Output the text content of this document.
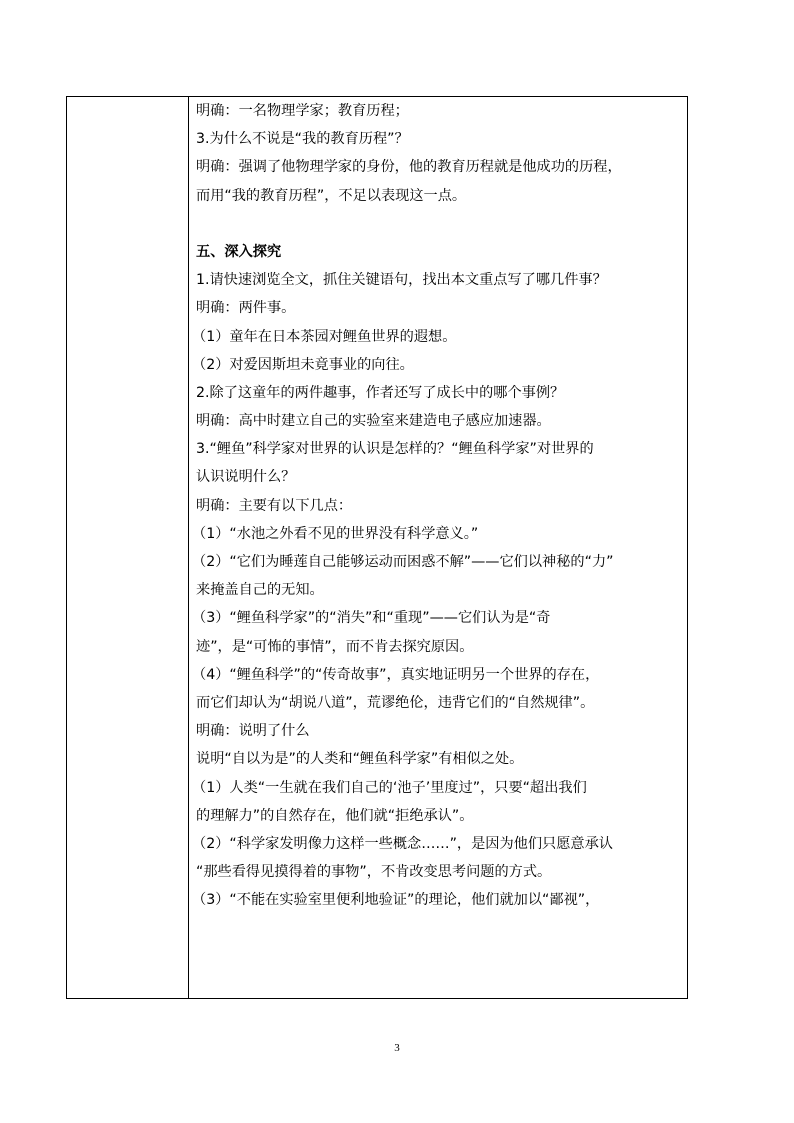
明确：一名物理学家；教育历程；
3.为什么不说是“我的教育历程”？
明确：强调了他物理学家的身份，他的教育历程就是他成功的历程，
而用“我的教育历程”，不足以表现这一点。
五、深入探究
1.请快速浏览全文，抓住关键语句，找出本文重点写了哪几件事？
明确：两件事。
（1）童年在日本茶园对鲤鱼世界的遐想。
（2）对爱因斯坦未竟事业的向往。
2.除了这童年的两件趣事，作者还写了成长中的哪个事例？
明确：高中时建立自己的实验室来建造电子感应加速器。
3.“鲤鱼”科学家对世界的认识是怎样的？“鲤鱼科学家”对世界的
认识说明什么？
明确：主要有以下几点：
（1）“水池之外看不见的世界没有科学意义。”
（2）“它们为睡莲自己能够运动而困惑不解”——它们以神秘的“力”
来掩盖自己的无知。
（3）“鲤鱼科学家”的“消失”和“重现”——它们认为是“奇
迹”，是“可怖的事情”，而不肯去探究原因。
（4）“鲤鱼科学”的“传奇故事”，真实地证明另一个世界的存在，
而它们却认为“胡说八道”，荒谬绝伦，违背它们的“自然规律”。
明确：说明了什么
说明“自以为是”的人类和“鲤鱼科学家”有相似之处。
（1）人类“一生就在我们自己的‘池子’里度过”，只要“超出我们
的理解力”的自然存在，他们就“拒绝承认”。
（2）“科学家发明像力这样一些概念……”，是因为他们只愿意承认
“那些看得见摸得着的事物”，不肯改变思考问题的方式。
（3）“不能在实验室里便利地验证”的理论，他们就加以“鄙视”，
3
